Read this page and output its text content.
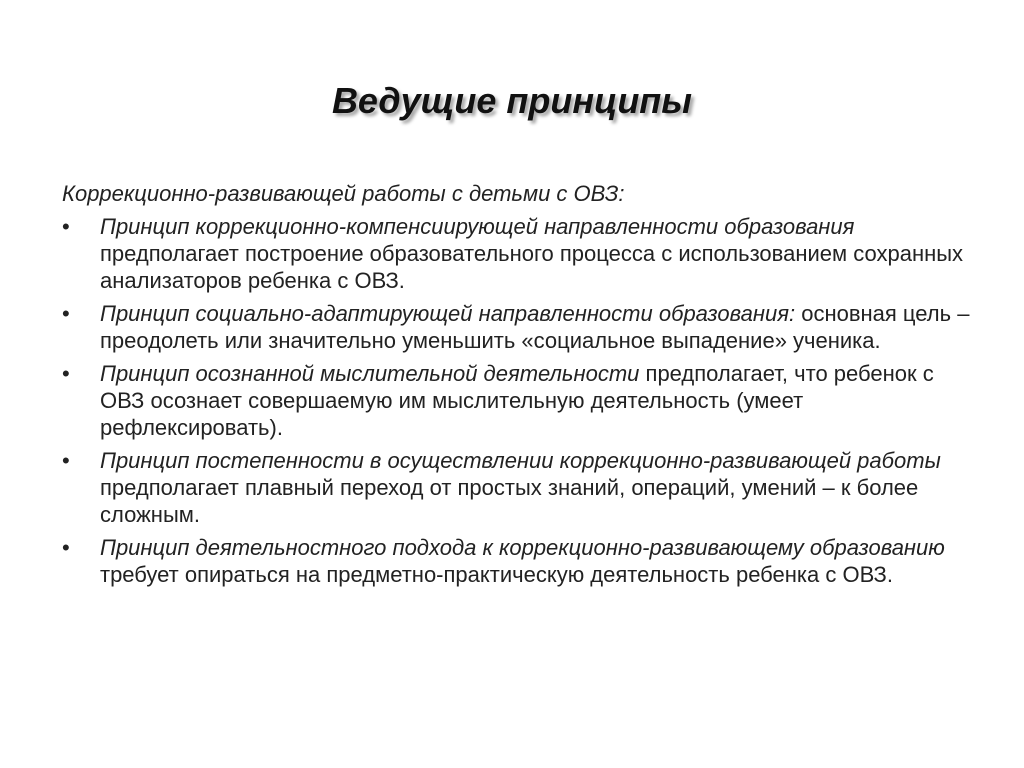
Ведущие принципы

Коррекционно-развивающей работы с детьми с ОВЗ:

•	Принцип коррекционно-компенсиирующей направленности образования предполагает построение образовательного процесса с использованием сохранных анализаторов ребенка с ОВЗ.
•	Принцип социально-адаптирующей направленности образования: основная цель – преодолеть или значительно уменьшить «социальное выпадение» ученика.
•	Принцип осознанной мыслительной деятельности предполагает, что ребенок с ОВЗ осознает совершаемую им мыслительную деятельность (умеет рефлексировать).
•	Принцип постепенности в осуществлении коррекционно-развивающей работы предполагает плавный переход от простых знаний, операций, умений – к более сложным.
•	Принцип деятельностного подхода к коррекционно-развивающему образованию требует опираться на предметно-практическую деятельность ребенка с ОВЗ.
